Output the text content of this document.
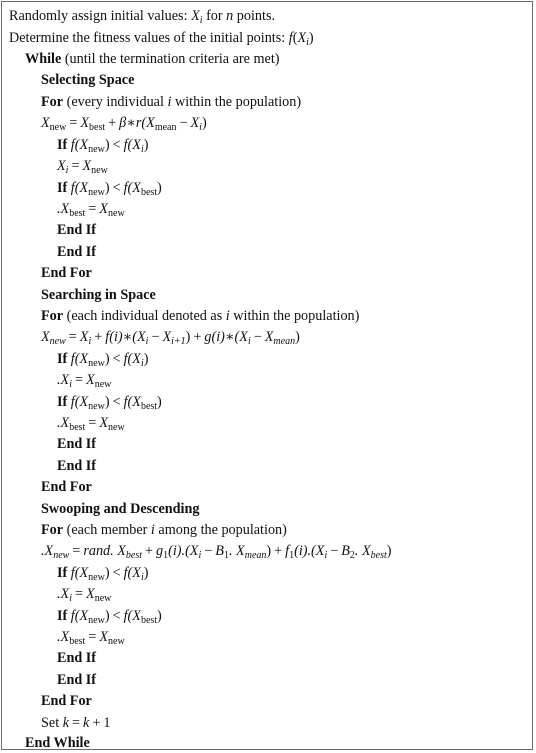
Randomly assign initial values: $X_i$ for n points.
Determine the fitness values of the initial points: $f(X_i)$
While (until the termination criteria are met)
Selecting Space
For (every individual i within the population)
$X_{new} = X_{best}$ + $\beta∗r(X_{mean} - X_i)$
If $f(X_{new}) < f(X_i)$
$X_i = X_{new}$
If $f(X_{new}) < f(X_{best})$
$.X_{best} = X_{new}$
End If
End If
End For
Searching in Space
For (each individual denoted as i within the population)
$X_{new} = X_i$ + $f(i)∗(X_i - X_{i+1})$ + $g(i)∗(X_i - X_{mean})$
If $f(X_{new}) < f(X_i)$
$.X_i = X_{new}$
If $f(X_{new}) < f(X_{best})$
$.X_{best} = X_{new}$
End If
End If
End For
Swooping and Descending
For (each member i among the population)
$.X_{new}$ = rand. $X_{best} + g_1(i).(X_i - B_1$. $X_{mean}) + f_1(i).(X_i - B_2$. $X_{best}$)
If $f(X_{new}) < f(X_i)$
$.X_i = X_{new}$
If $f(X_{new}) < f(X_{best})$
$.X_{best} = X_{new}$
End If
End If
End For
Set k = k + 1
End While
